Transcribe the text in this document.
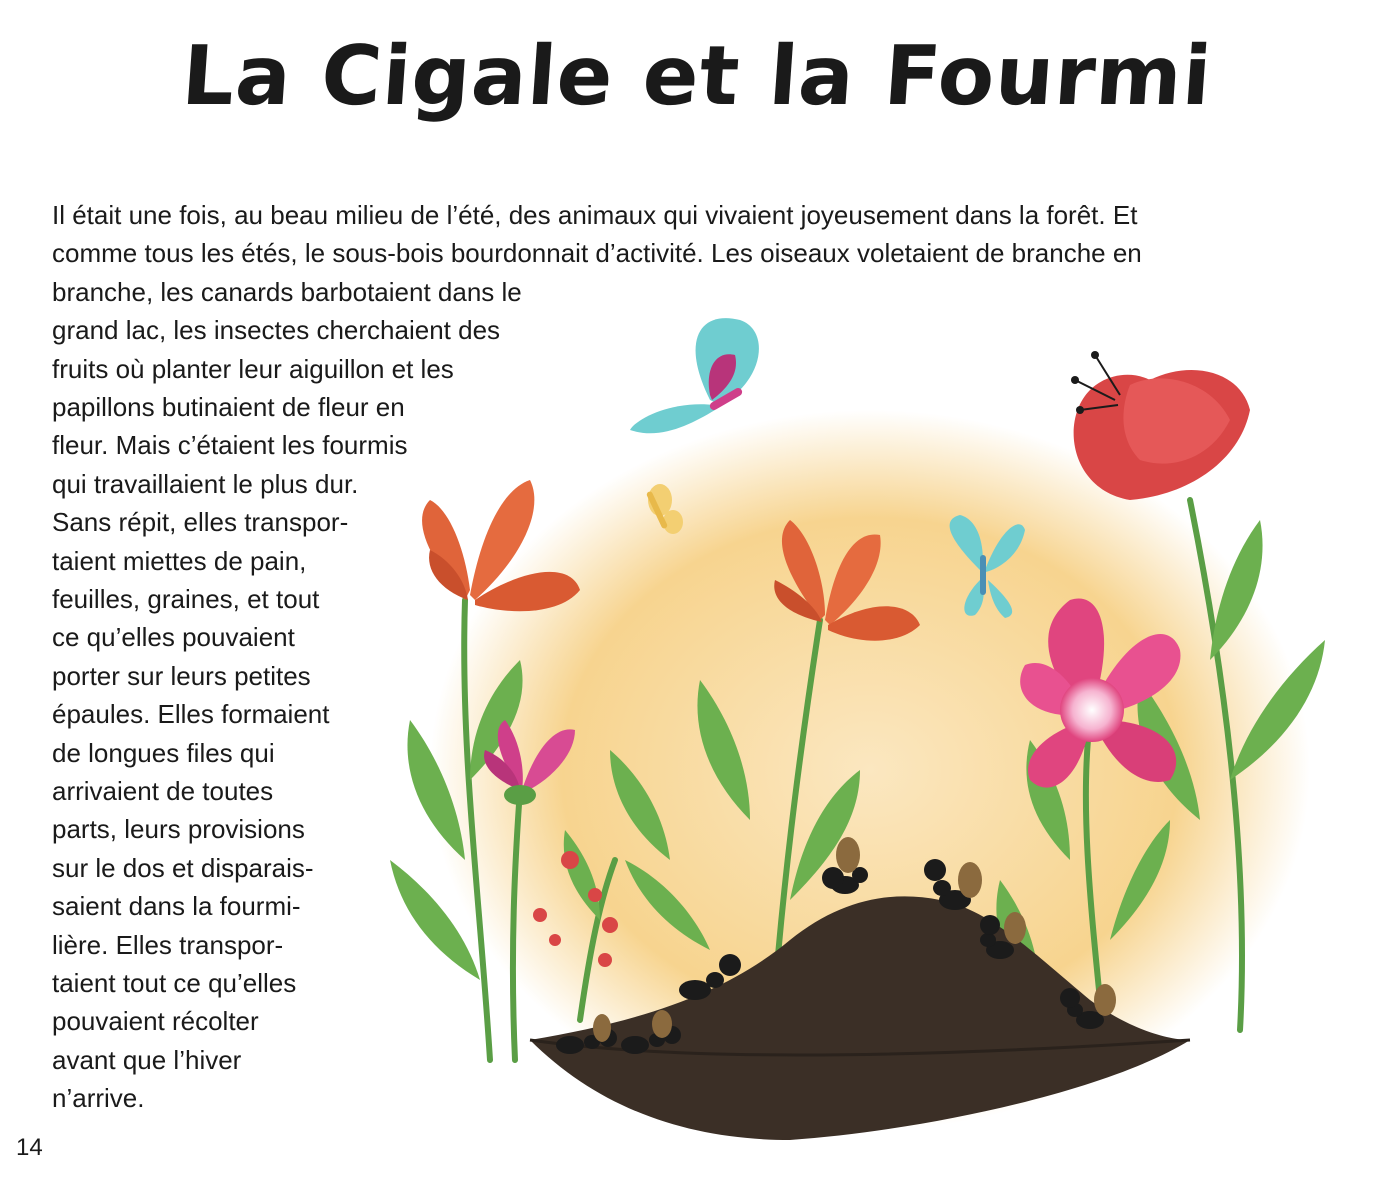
La Cigale et la Fourmi

Il était une fois, au beau milieu de l’été, des animaux qui vivaient joyeusement dans la forêt. Et

comme tous les étés, le sous-bois bourdonnait d’activité. Les oiseaux voletaient de branche en

branche, les canards barbotaient dans le

grand lac, les insectes cherchaient des

fruits où planter leur aiguillon et les

papillons butinaient de fleur en

fleur. Mais c’étaient les fourmis

qui travaillaient le plus dur.

Sans répit, elles transpor-

taient miettes de pain,

feuilles, graines, et tout

ce qu’elles pouvaient

porter sur leurs petites

épaules. Elles formaient

de longues files qui

arrivaient de toutes

parts, leurs provisions

sur le dos et disparais-

saient dans la fourmi-

lière. Elles transpor-

taient tout ce qu’elles

pouvaient récolter

avant que l’hiver

n’arrive.

14
